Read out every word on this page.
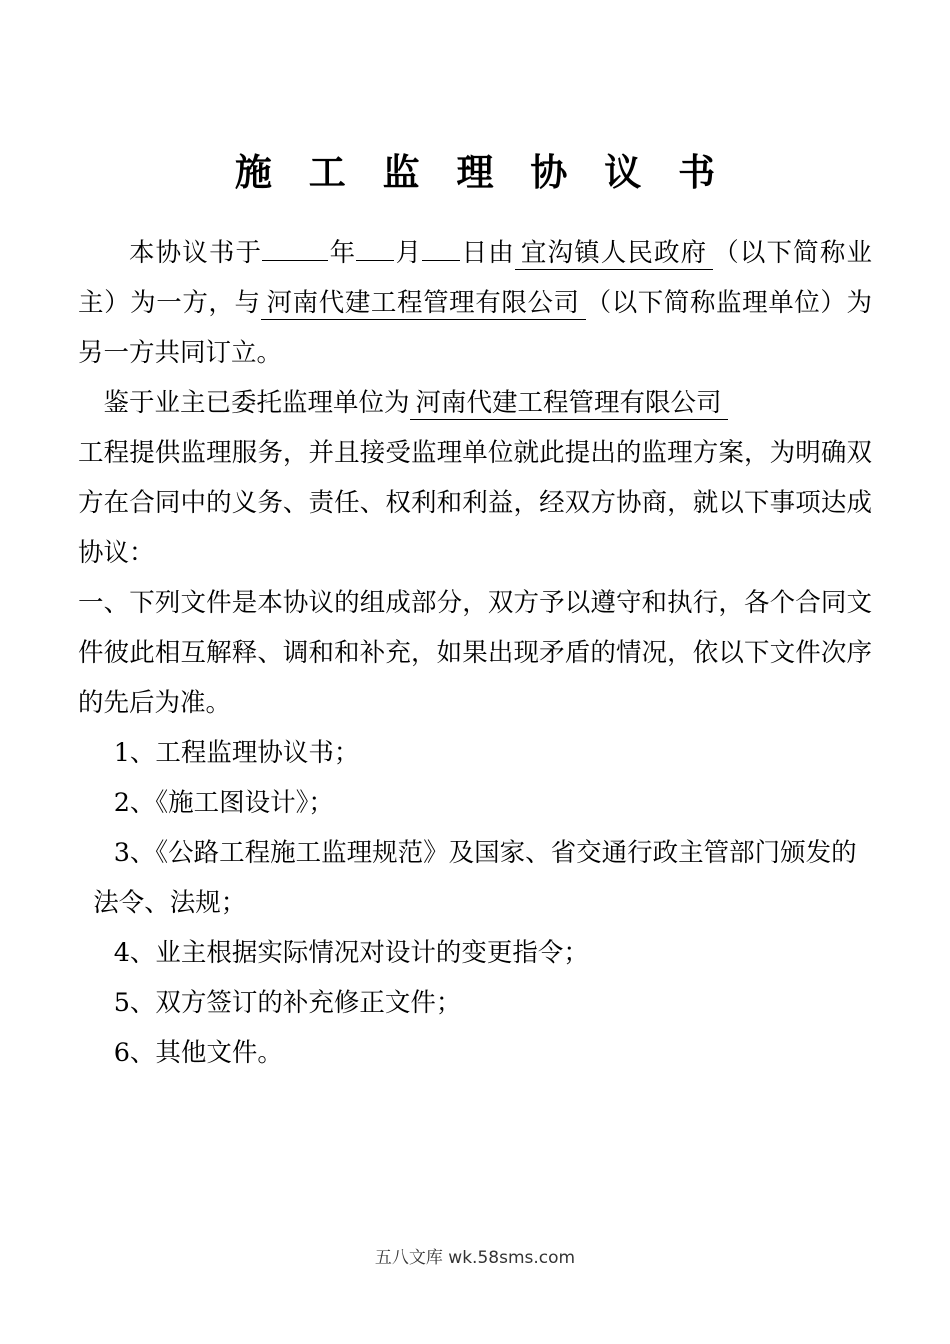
施 工 监 理 协 议 书

本协议书于	年 月 日由 宜沟镇人民政府 （以下简称业主）为一方，与 河南代建工程管理有限公司 （以下简称监理单位）为另一方共同订立。

鉴于业主已委托监理单位为 河南代建工程管理有限公司

工程提供监理服务，并且接受监理单位就此提出的监理方案，为明确双方在合同中的义务、责任、权利和利益，经双方协商，就以下事项达成协议：

一、下列文件是本协议的组成部分，双方予以遵守和执行，各个合同文件彼此相互解释、调和和补充，如果出现矛盾的情况，依以下文件次序的先后为准。

1、工程监理协议书；

2、《施工图设计》；

3、《公路工程施工监理规范》及国家、省交通行政主管部门颁发的法令、法规；

4、业主根据实际情况对设计的变更指令；

5、双方签订的补充修正文件；

6、其他文件。

五八文库 wk.58sms.com
